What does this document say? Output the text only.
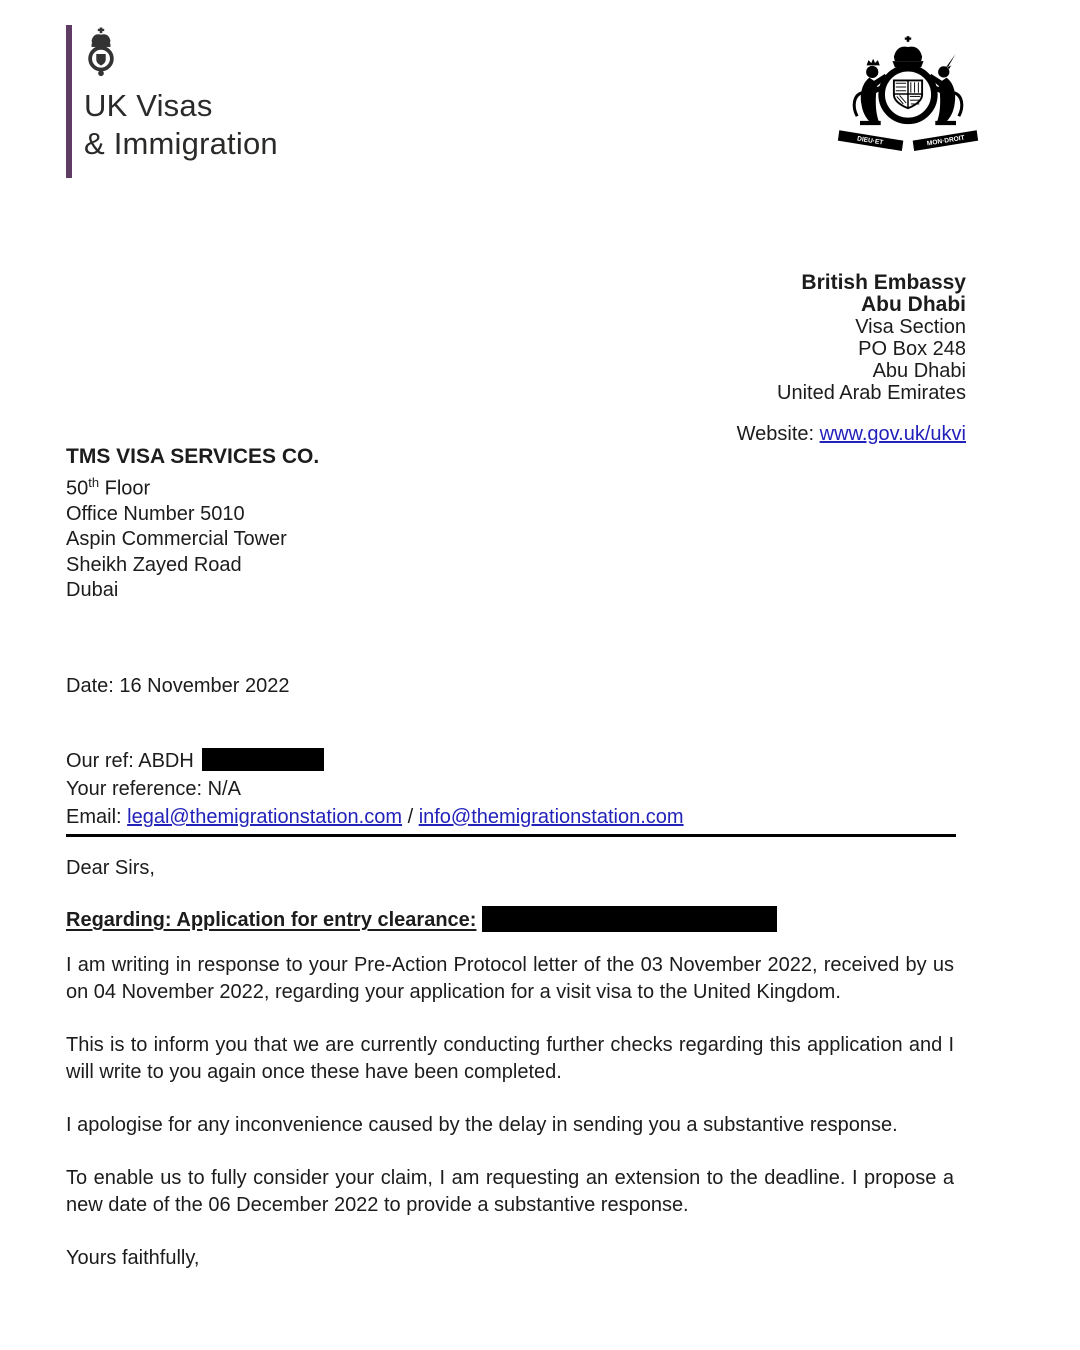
UK Visas
& Immigration	DIEU·ET	MON·DROIT
British Embassy
Abu Dhabi
Visa Section
PO Box 248
Abu Dhabi
United Arab Emirates
Website: www.gov.uk/ukvi
TMS VISA SERVICES CO.
50th Floor
Office Number 5010
Aspin Commercial Tower
Sheikh Zayed Road
Dubai
Date: 16 November 2022
Our ref: ABDH
Your reference: N/A
Email: legal@themigrationstation.com / info@themigrationstation.com
Dear Sirs,
Regarding: Application for entry clearance:

I am writing in response to your Pre-Action Protocol letter of the 03 November 2022, received by us on 04 November 2022, regarding your application for a visit visa to the United Kingdom.

This is to inform you that we are currently conducting further checks regarding this application and I will write to you again once these have been completed.

I apologise for any inconvenience caused by the delay in sending you a substantive response.

To enable us to fully consider your claim, I am requesting an extension to the deadline. I propose a new date of the 06 December 2022 to provide a substantive response.

Yours faithfully,
